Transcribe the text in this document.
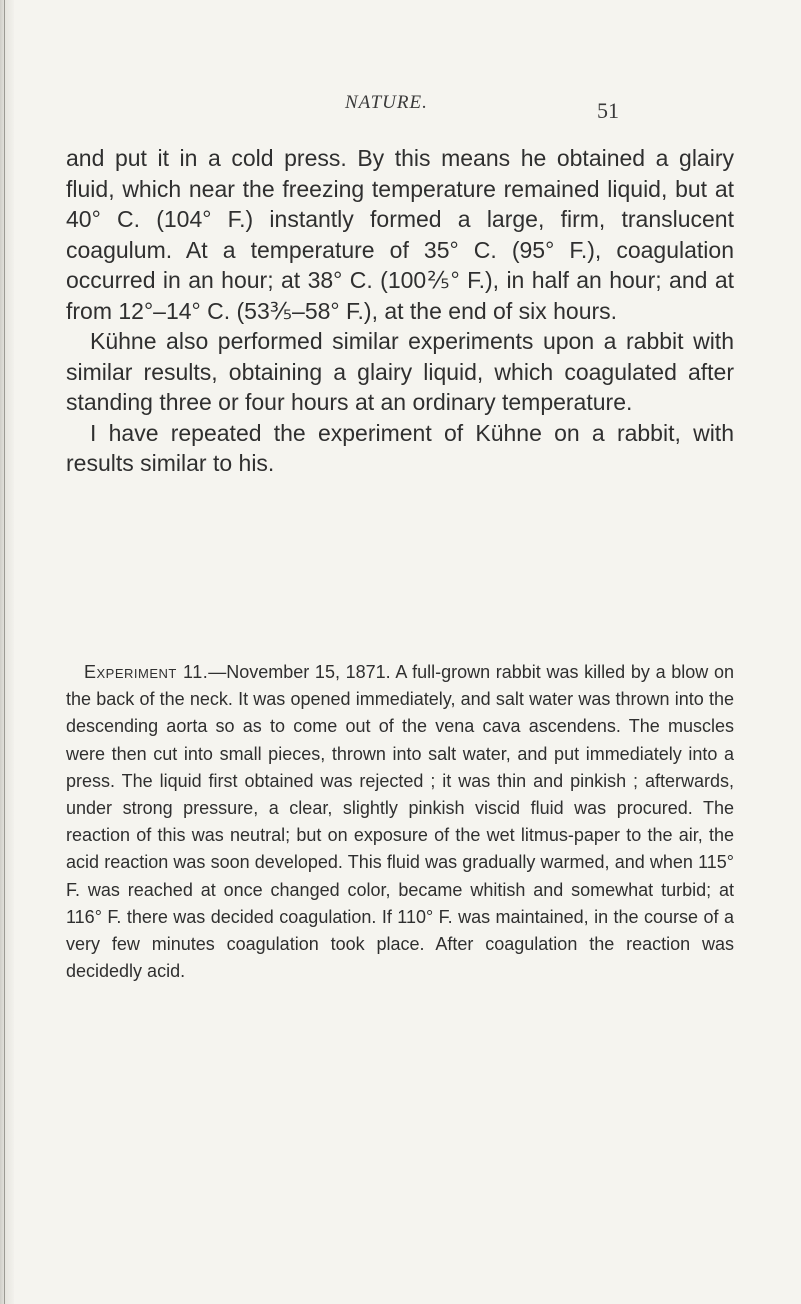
NATURE.	51

and put it in a cold press. By this means he obtained a glairy fluid, which near the freezing temperature remained liquid, but at 40° C. (104° F.) instantly formed a large, firm, translucent coagulum. At a temperature of 35° C. (95° F.), coagulation occurred in an hour; at 38° C. (100⅖° F.), in half an hour; and at from 12°–14° C. (53⅗–58° F.), at the end of six hours.

Kühne also performed similar experiments upon a rabbit with similar results, obtaining a glairy liquid, which coagulated after standing three or four hours at an ordinary temperature.

I have repeated the experiment of Kühne on a rabbit, with results similar to his.

Experiment 11.—November 15, 1871. A full-grown rabbit was killed by a blow on the back of the neck. It was opened immediately, and salt water was thrown into the descending aorta so as to come out of the vena cava ascendens. The muscles were then cut into small pieces, thrown into salt water, and put immediately into a press. The liquid first obtained was rejected ; it was thin and pinkish ; afterwards, under strong pressure, a clear, slightly pinkish viscid fluid was procured. The reaction of this was neutral; but on exposure of the wet litmus-paper to the air, the acid reaction was soon developed. This fluid was gradually warmed, and when 115° F. was reached at once changed color, became whitish and somewhat turbid; at 116° F. there was decided coagulation. If 110° F. was maintained, in the course of a very few minutes coagulation took place. After coagulation the reaction was decidedly acid.
